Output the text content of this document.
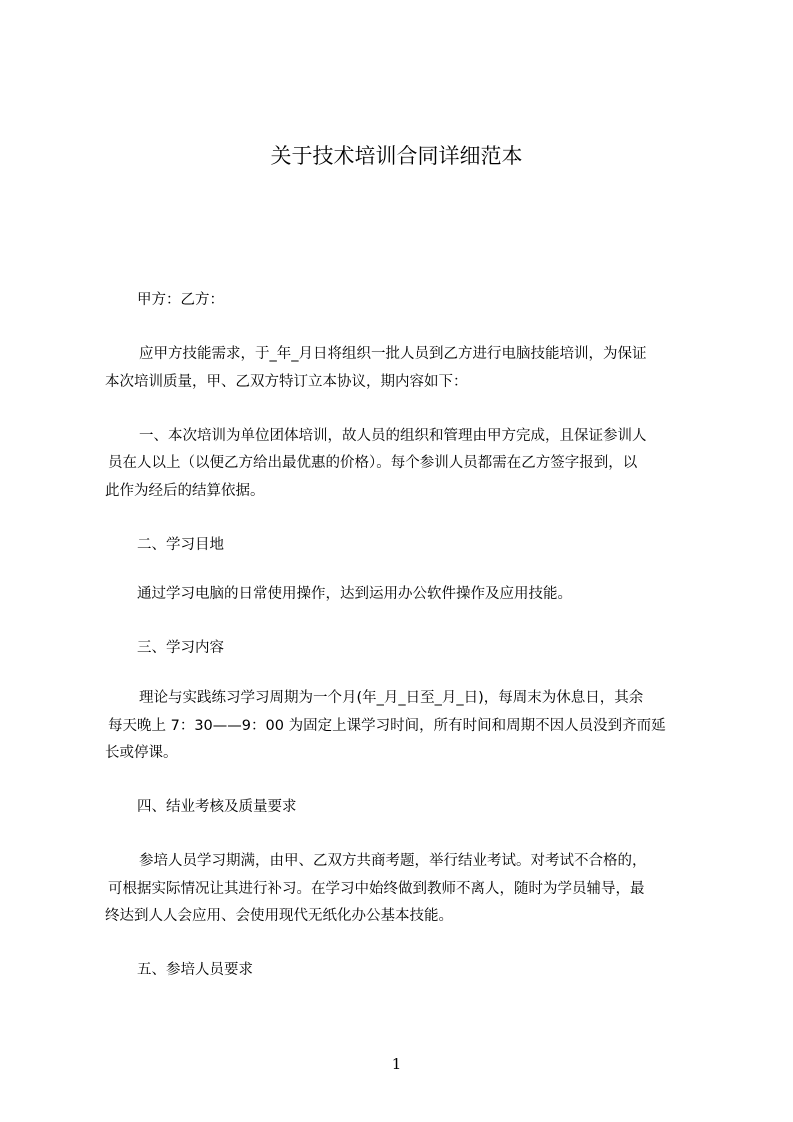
关于技术培训合同详细范本
甲方：乙方：
应甲方技能需求，于_年_月日将组织一批人员到乙方进行电脑技能培训，为保证
本次培训质量，甲、乙双方特订立本协议，期内容如下：
一、本次培训为单位团体培训，故人员的组织和管理由甲方完成，且保证参训人
员在人以上（以便乙方给出最优惠的价格）。每个参训人员都需在乙方签字报到，以
此作为经后的结算依据。
二、学习目地
通过学习电脑的日常使用操作，达到运用办公软件操作及应用技能。
三、学习内容
理论与实践练习学习周期为一个月(年_月_日至_月_日)，每周末为休息日，其余
每天晚上 7：30——9：00 为固定上课学习时间，所有时间和周期不因人员没到齐而延
长或停课。
四、结业考核及质量要求
参培人员学习期满，由甲、乙双方共商考题，举行结业考试。对考试不合格的，
可根据实际情况让其进行补习。在学习中始终做到教师不离人，随时为学员辅导，最
终达到人人会应用、会使用现代无纸化办公基本技能。
五、参培人员要求
1
